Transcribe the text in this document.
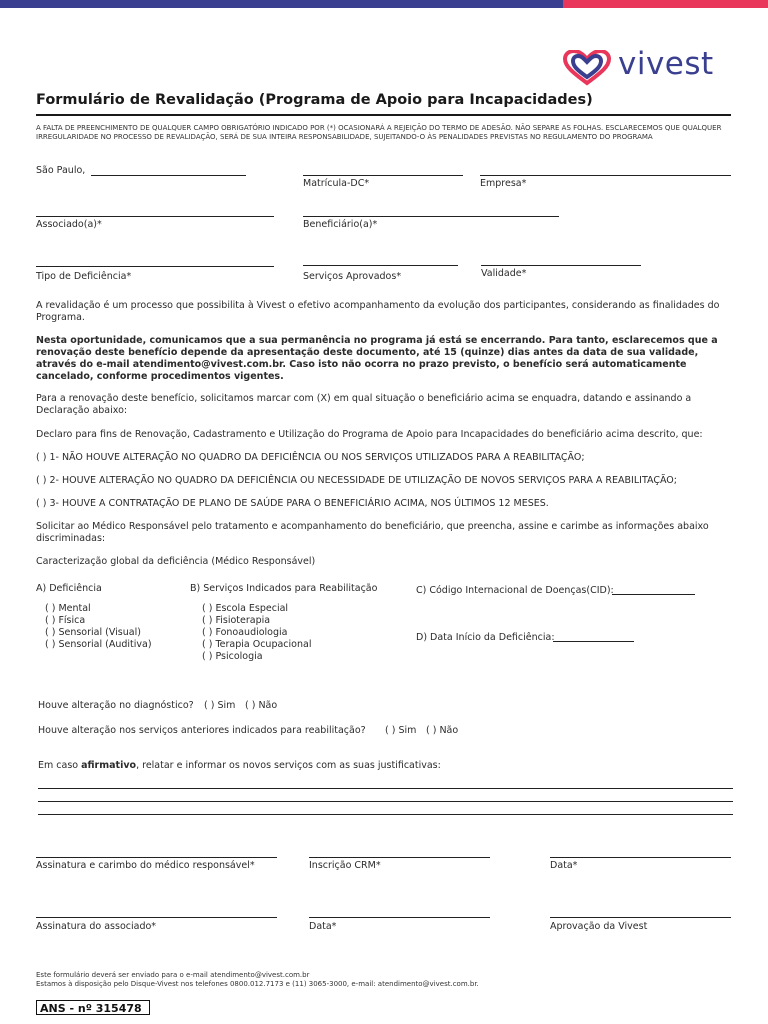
vivest
Formulário de Revalidação (Programa de Apoio para Incapacidades)
A FALTA DE PREENCHIMENTO DE QUALQUER CAMPO OBRIGATÓRIO INDICADO POR (*) OCASIONARÁ A REJEIÇÃO DO TERMO DE ADESÃO. NÃO SEPARE AS FOLHAS. ESCLARECEMOS QUE QUALQUER IRREGULARIDADE NO PROCESSO DE REVALIDAÇÃO, SERÁ DE SUA INTEIRA RESPONSABILIDADE, SUJEITANDO-O ÀS PENALIDADES PREVISTAS NO REGULAMENTO DO PROGRAMA
São Paulo,
Matrícula-DC*	Empresa*
Associado(a)*	Beneficiário(a)*
Tipo de Deficiência*	Serviços Aprovados*	Validade*
A revalidação é um processo que possibilita à Vivest o efetivo acompanhamento da evolução dos participantes, considerando as finalidades do Programa.
Nesta oportunidade, comunicamos que a sua permanência no programa já está se encerrando. Para tanto, esclarecemos que a renovação deste benefício depende da apresentação deste documento, até 15 (quinze) dias antes da data de sua validade, através do e-mail atendimento@vivest.com.br. Caso isto não ocorra no prazo previsto, o benefício será automaticamente cancelado, conforme procedimentos vigentes.
Para a renovação deste benefício, solicitamos marcar com (X) em qual situação o beneficiário acima se enquadra, datando e assinando a Declaração abaixo:
Declaro para fins de Renovação, Cadastramento e Utilização do Programa de Apoio para Incapacidades do beneficiário acima descrito, que:
( ) 1- NÃO HOUVE ALTERAÇÃO NO QUADRO DA DEFICIÊNCIA OU NOS SERVIÇOS UTILIZADOS PARA A REABILITAÇÃO;
( ) 2- HOUVE ALTERAÇÃO NO QUADRO DA DEFICIÊNCIA OU NECESSIDADE DE UTILIZAÇÃO DE NOVOS SERVIÇOS PARA A REABILITAÇÃO;
( ) 3- HOUVE A CONTRATAÇÃO DE PLANO DE SAÚDE PARA O BENEFICIÁRIO ACIMA, NOS ÚLTIMOS 12 MESES.
Solicitar ao Médico Responsável pelo tratamento e acompanhamento do beneficiário, que preencha, assine e carimbe as informações abaixo discriminadas:
Caracterização global da deficiência (Médico Responsável)
A) Deficiência
( ) Mental
( ) Física
( ) Sensorial (Visual)
( ) Sensorial (Auditiva)
B) Serviços Indicados para Reabilitação
( ) Escola Especial
( ) Fisioterapia
( ) Fonoaudiologia
( ) Terapia Ocupacional
( ) Psicologia
C) Código Internacional de Doenças(CID):
D) Data Início da Deficiência:
Houve alteração no diagnóstico? ( ) Sim ( ) Não
Houve alteração nos serviços anteriores indicados para reabilitação? ( ) Sim ( ) Não
Em caso afirmativo, relatar e informar os novos serviços com as suas justificativas:
Assinatura e carimbo do médico responsável*	Inscrição CRM*	Data*
Assinatura do associado*	Data*	Aprovação da Vivest
Este formulário deverá ser enviado para o e-mail atendimento@vivest.com.br
Estamos à disposição pelo Disque-Vivest nos telefones 0800.012.7173 e (11) 3065-3000, e-mail: atendimento@vivest.com.br.
ANS - nº 315478
